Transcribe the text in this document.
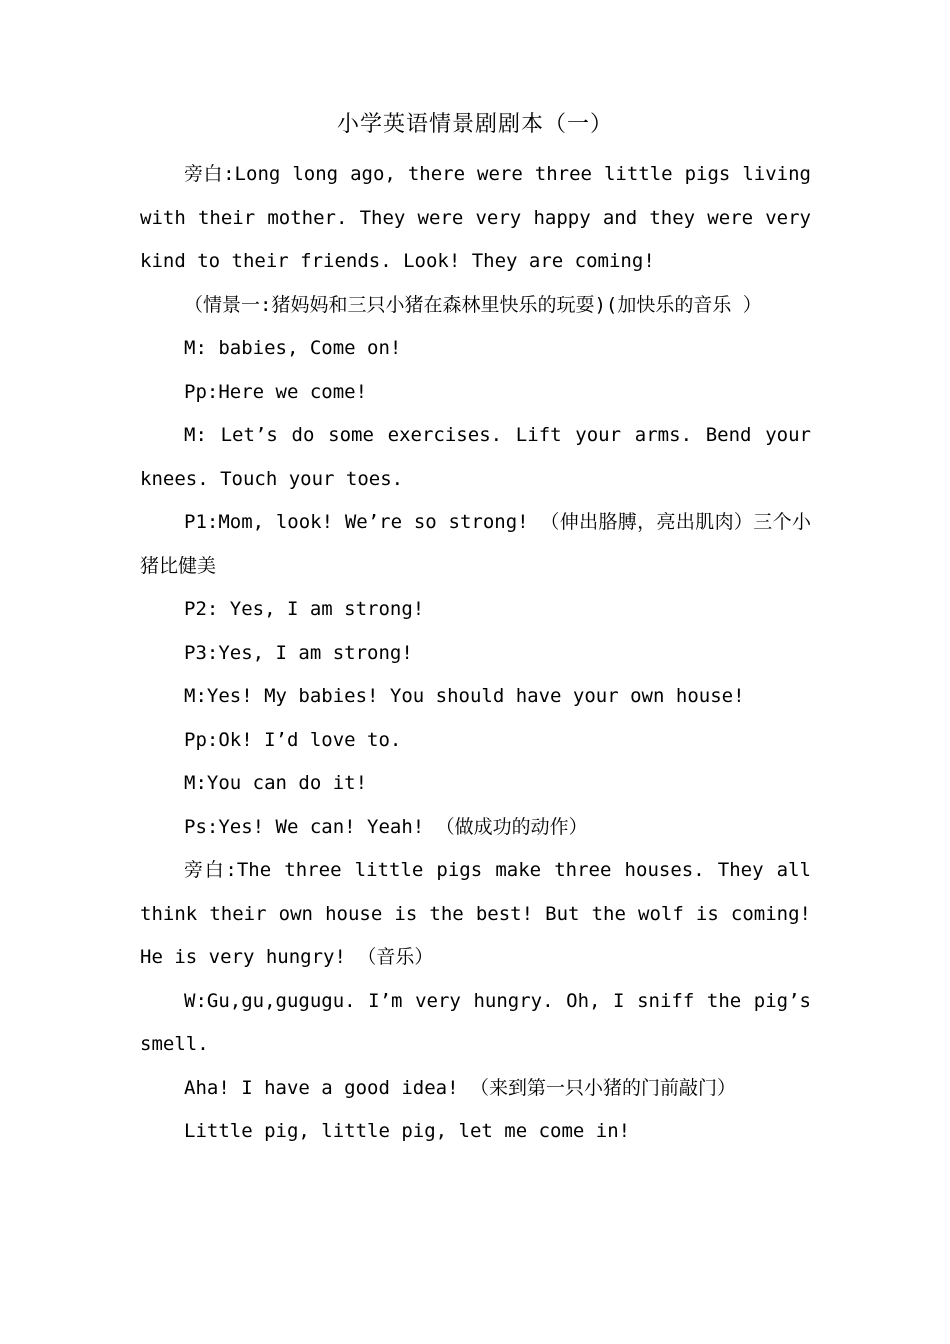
小学英语情景剧剧本（一）

旁白:Long long ago, there were three little pigs living with their mother. They were very happy and they were very kind to their friends. Look! They are coming!

（情景一:猪妈妈和三只小猪在森林里快乐的玩耍)(加快乐的音乐 ）

M: babies, Come on!

Pp:Here we come!

M: Let’s do some exercises. Lift your arms. Bend your knees. Touch your toes.

P1:Mom, look! We’re so strong! （伸出胳膊，亮出肌肉）三个小猪比健美

P2: Yes, I am strong!

P3:Yes, I am strong!

M:Yes! My babies! You should have your own house!

Pp:Ok! I’d love to.

M:You can do it!

Ps:Yes! We can! Yeah! （做成功的动作）

旁白:The three little pigs make three houses. They all think their own house is the best! But the wolf is coming! He is very hungry! （音乐）

W:Gu,gu,gugugu. I’m very hungry. Oh, I sniff the pig’s smell.

Aha! I have a good idea! （来到第一只小猪的门前敲门）

Little pig, little pig, let me come in!
